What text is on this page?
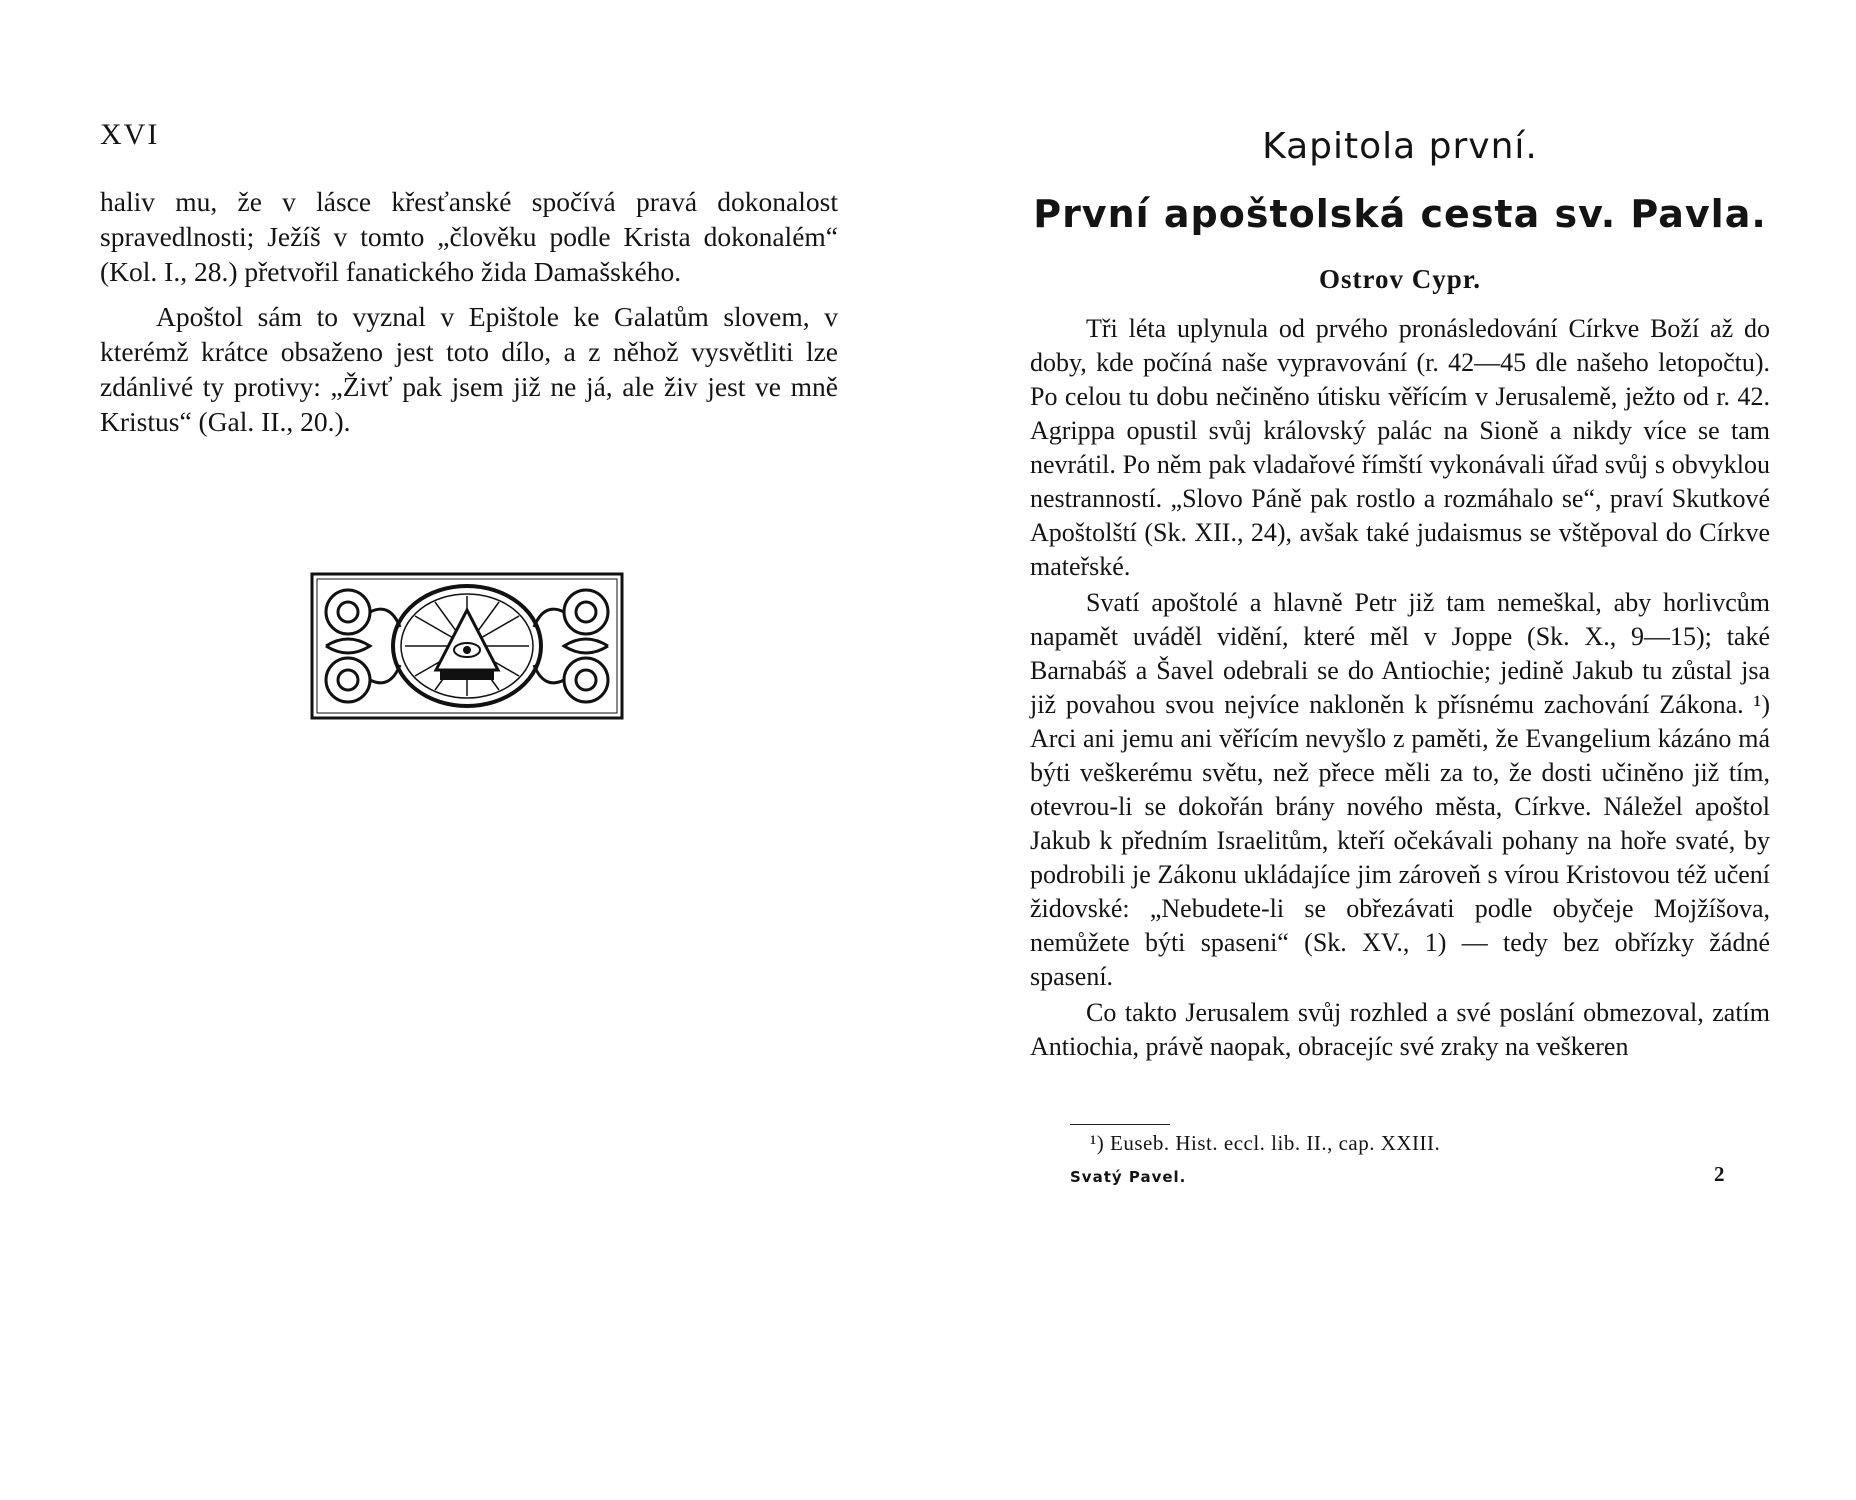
XVI

haliv mu, že v lásce křesťanské spočívá pravá dokonalost spravedlnosti; Ježíš v tomto „člověku podle Krista dokonalém“ (Kol. I., 28.) přetvořil fanatického žida Damašského.

Apoštol sám to vyznal v Epištole ke Galatům slovem, v kterémž krátce obsaženo jest toto dílo, a z něhož vysvětliti lze zdánlivé ty protivy: „Živť pak jsem již ne já, ale živ jest ve mně Kristus“ (Gal. II., 20.).

Kapitola první.
První apoštolská cesta sv. Pavla.
Ostrov Cypr.

Tři léta uplynula od prvého pronásledování Církve Boží až do doby, kde počíná naše vypravování (r. 42—45 dle našeho letopočtu). Po celou tu dobu nečiněno útisku věřícím v Jerusalemě, ježto od r. 42. Agrippa opustil svůj královský palác na Sioně a nikdy více se tam nevrátil. Po něm pak vladařové římští vykonávali úřad svůj s obvyklou nestranností. „Slovo Páně pak rostlo a rozmáhalo se“, praví Skutkové Apoštolští (Sk. XII., 24), avšak také judaismus se vštěpoval do Církve mateřské.

Svatí apoštolé a hlavně Petr již tam nemeškal, aby horlivcům napamět uváděl vidění, které měl v Joppe (Sk. X., 9—15); také Barnabáš a Šavel odebrali se do Antiochie; jedině Jakub tu zůstal jsa již povahou svou nejvíce nakloněn k přísnému zachování Zákona. ¹) Arci ani jemu ani věřícím nevyšlo z paměti, že Evangelium kázáno má býti veškerému světu, než přece měli za to, že dosti učiněno již tím, otevrou-li se dokořán brány nového města, Církve. Náležel apoštol Jakub k předním Israelitům, kteří očekávali pohany na hoře svaté, by podrobili je Zákonu ukládajíce jim zároveň s vírou Kristovou též učení židovské: „Nebudete-li se obřezávati podle obyčeje Mojžíšova, nemůžete býti spaseni“ (Sk. XV., 1) — tedy bez obřízky žádné spasení.

Co takto Jerusalem svůj rozhled a své poslání obmezoval, zatím Antiochia, právě naopak, obracejíc své zraky na veškeren

¹) Euseb. Hist. eccl. lib. II., cap. XXIII.
Svatý Pavel.	2
